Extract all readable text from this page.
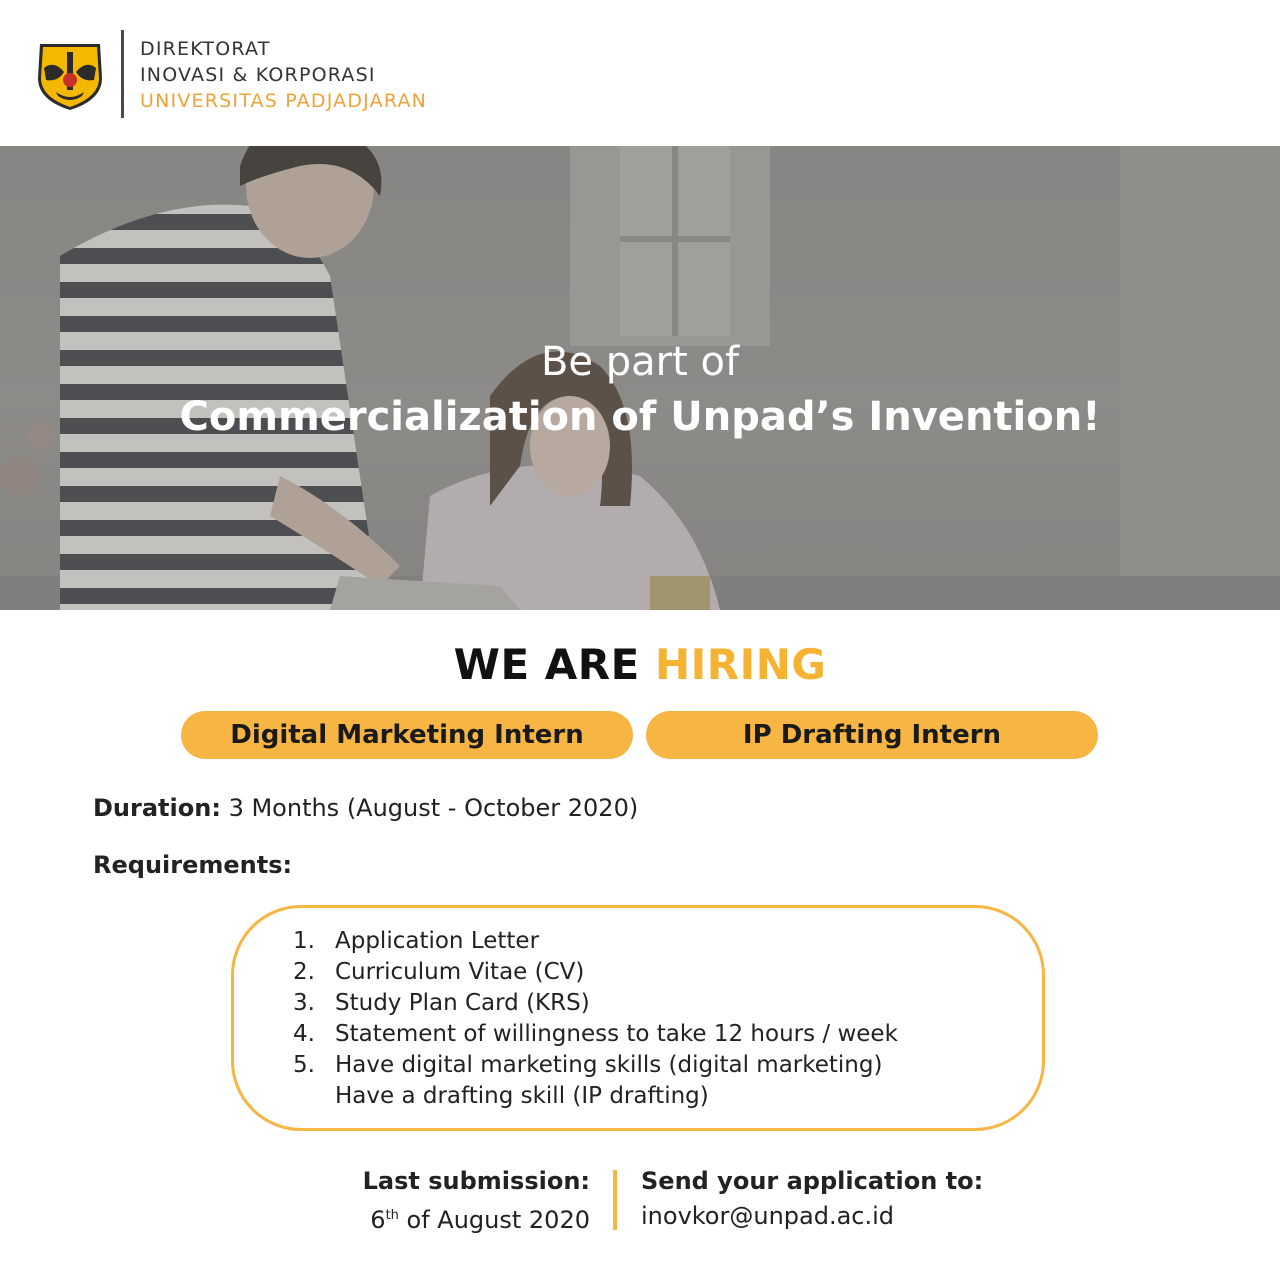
DIREKTORAT
INOVASI & KORPORASI
UNIVERSITAS PADJADJARAN
Be part of
Commercialization of Unpad’s Invention!
WE ARE HIRING
Digital Marketing Intern	IP Drafting Intern
Duration: 3 Months (August - October 2020)
Requirements:
1. Application Letter
2. Curriculum Vitae (CV)
3. Study Plan Card (KRS)
4. Statement of willingness to take 12 hours / week
5. Have digital marketing skills (digital marketing)
Have a drafting skill (IP drafting)
Last submission:
6th of August 2020
Send your application to:
inovkor@unpad.ac.id
